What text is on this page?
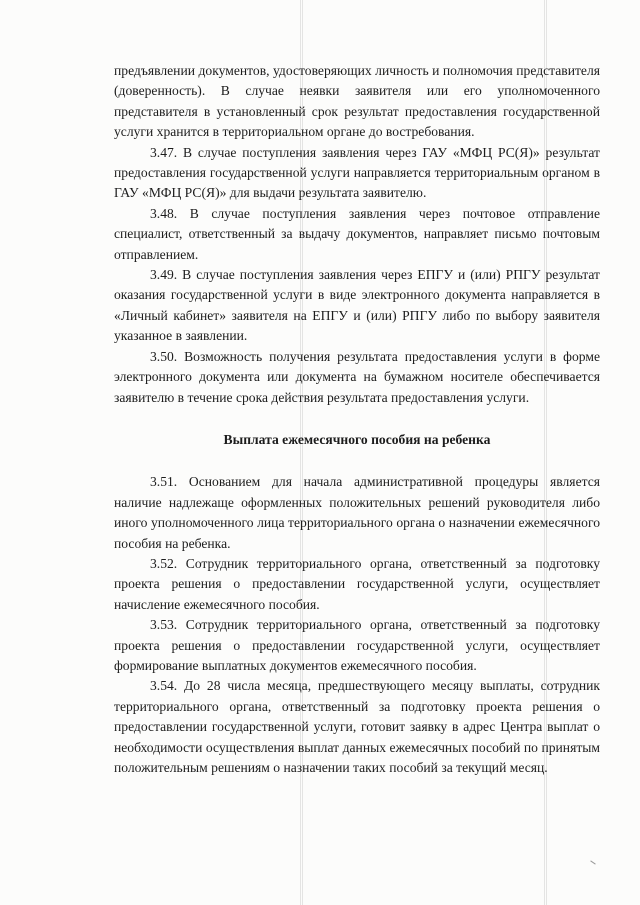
предъявлении документов, удостоверяющих личность и полномочия представителя (доверенность). В случае неявки заявителя или его уполномоченного представителя в установленный срок результат предоставления государственной услуги хранится в территориальном органе до востребования.

3.47. В случае поступления заявления через ГАУ «МФЦ РС(Я)» результат предоставления государственной услуги направляется территориальным органом в ГАУ «МФЦ РС(Я)» для выдачи результата заявителю.

3.48. В случае поступления заявления через почтовое отправление специалист, ответственный за выдачу документов, направляет письмо почтовым отправлением.

3.49. В случае поступления заявления через ЕПГУ и (или) РПГУ результат оказания государственной услуги в виде электронного документа направляется в «Личный кабинет» заявителя на ЕПГУ и (или) РПГУ либо по выбору заявителя указанное в заявлении.

3.50. Возможность получения результата предоставления услуги в форме электронного документа или документа на бумажном носителе обеспечивается заявителю в течение срока действия результата предоставления услуги.

Выплата ежемесячного пособия на ребенка

3.51. Основанием для начала административной процедуры является наличие надлежаще оформленных положительных решений руководителя либо иного уполномоченного лица территориального органа о назначении ежемесячного пособия на ребенка.

3.52. Сотрудник территориального органа, ответственный за подготовку проекта решения о предоставлении государственной услуги, осуществляет начисление ежемесячного пособия.

3.53. Сотрудник территориального органа, ответственный за подготовку проекта решения о предоставлении государственной услуги, осуществляет формирование выплатных документов ежемесячного пособия.

3.54. До 28 числа месяца, предшествующего месяцу выплаты, сотрудник территориального органа, ответственный за подготовку проекта решения о предоставлении государственной услуги, готовит заявку в адрес Центра выплат о необходимости осуществления выплат данных ежемесячных пособий по принятым положительным решениям о назначении таких пособий за текущий месяц.
